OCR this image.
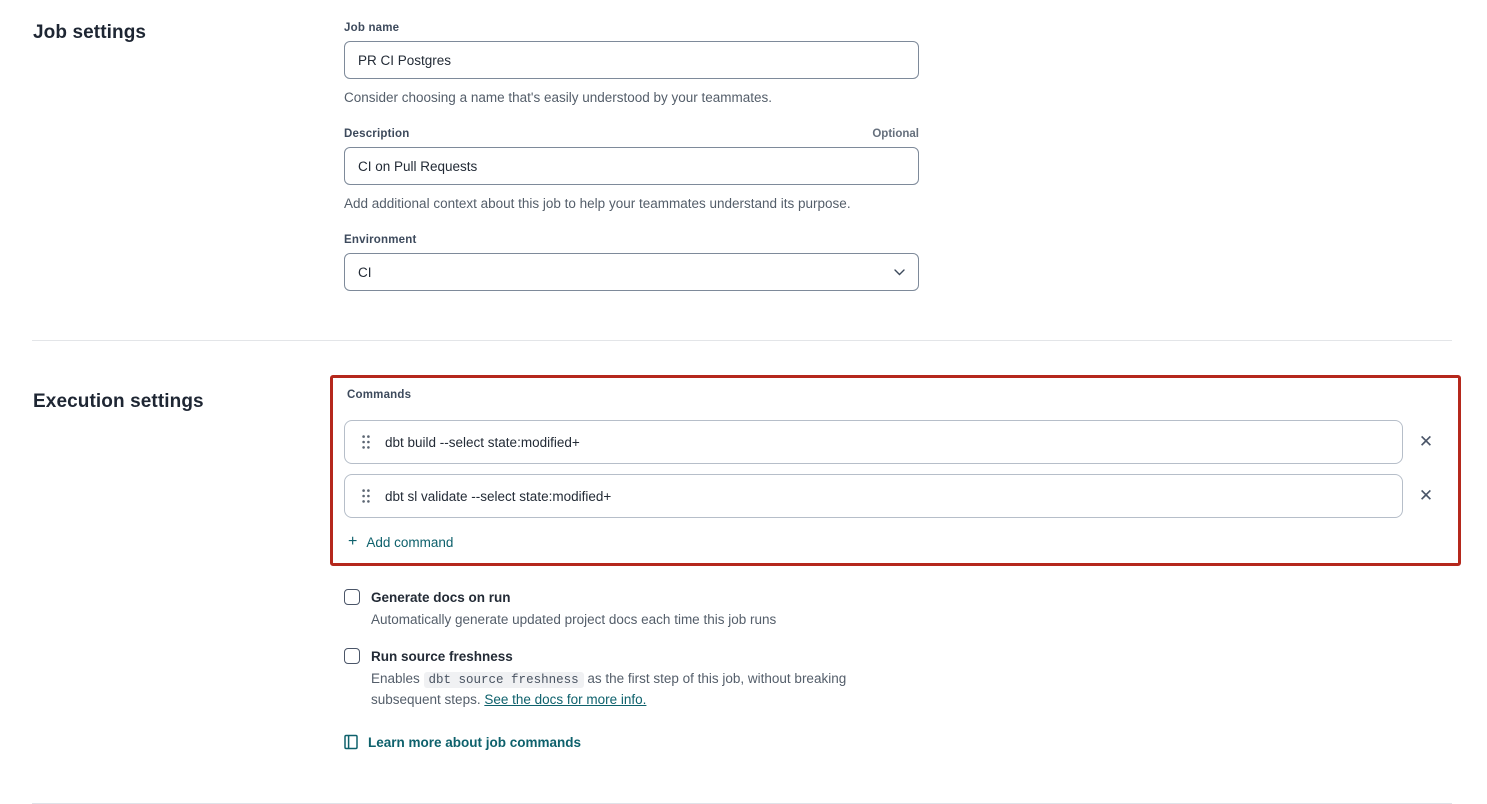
Job settings	Job name
PR CI Postgres
Consider choosing a name that's easily understood by your teammates.
Description	Optional
CI on Pull Requests
Add additional context about this job to help your teammates understand its purpose.
Environment
CI
Execution settings	Commands
dbt build --select state:modified+	✕
dbt sl validate --select state:modified+	✕
+ Add command
Generate docs on run
Automatically generate updated project docs each time this job runs
Run source freshness
Enables dbt source freshness as the first step of this job, without breaking subsequent steps. See the docs for more info.
Learn more about job commands
